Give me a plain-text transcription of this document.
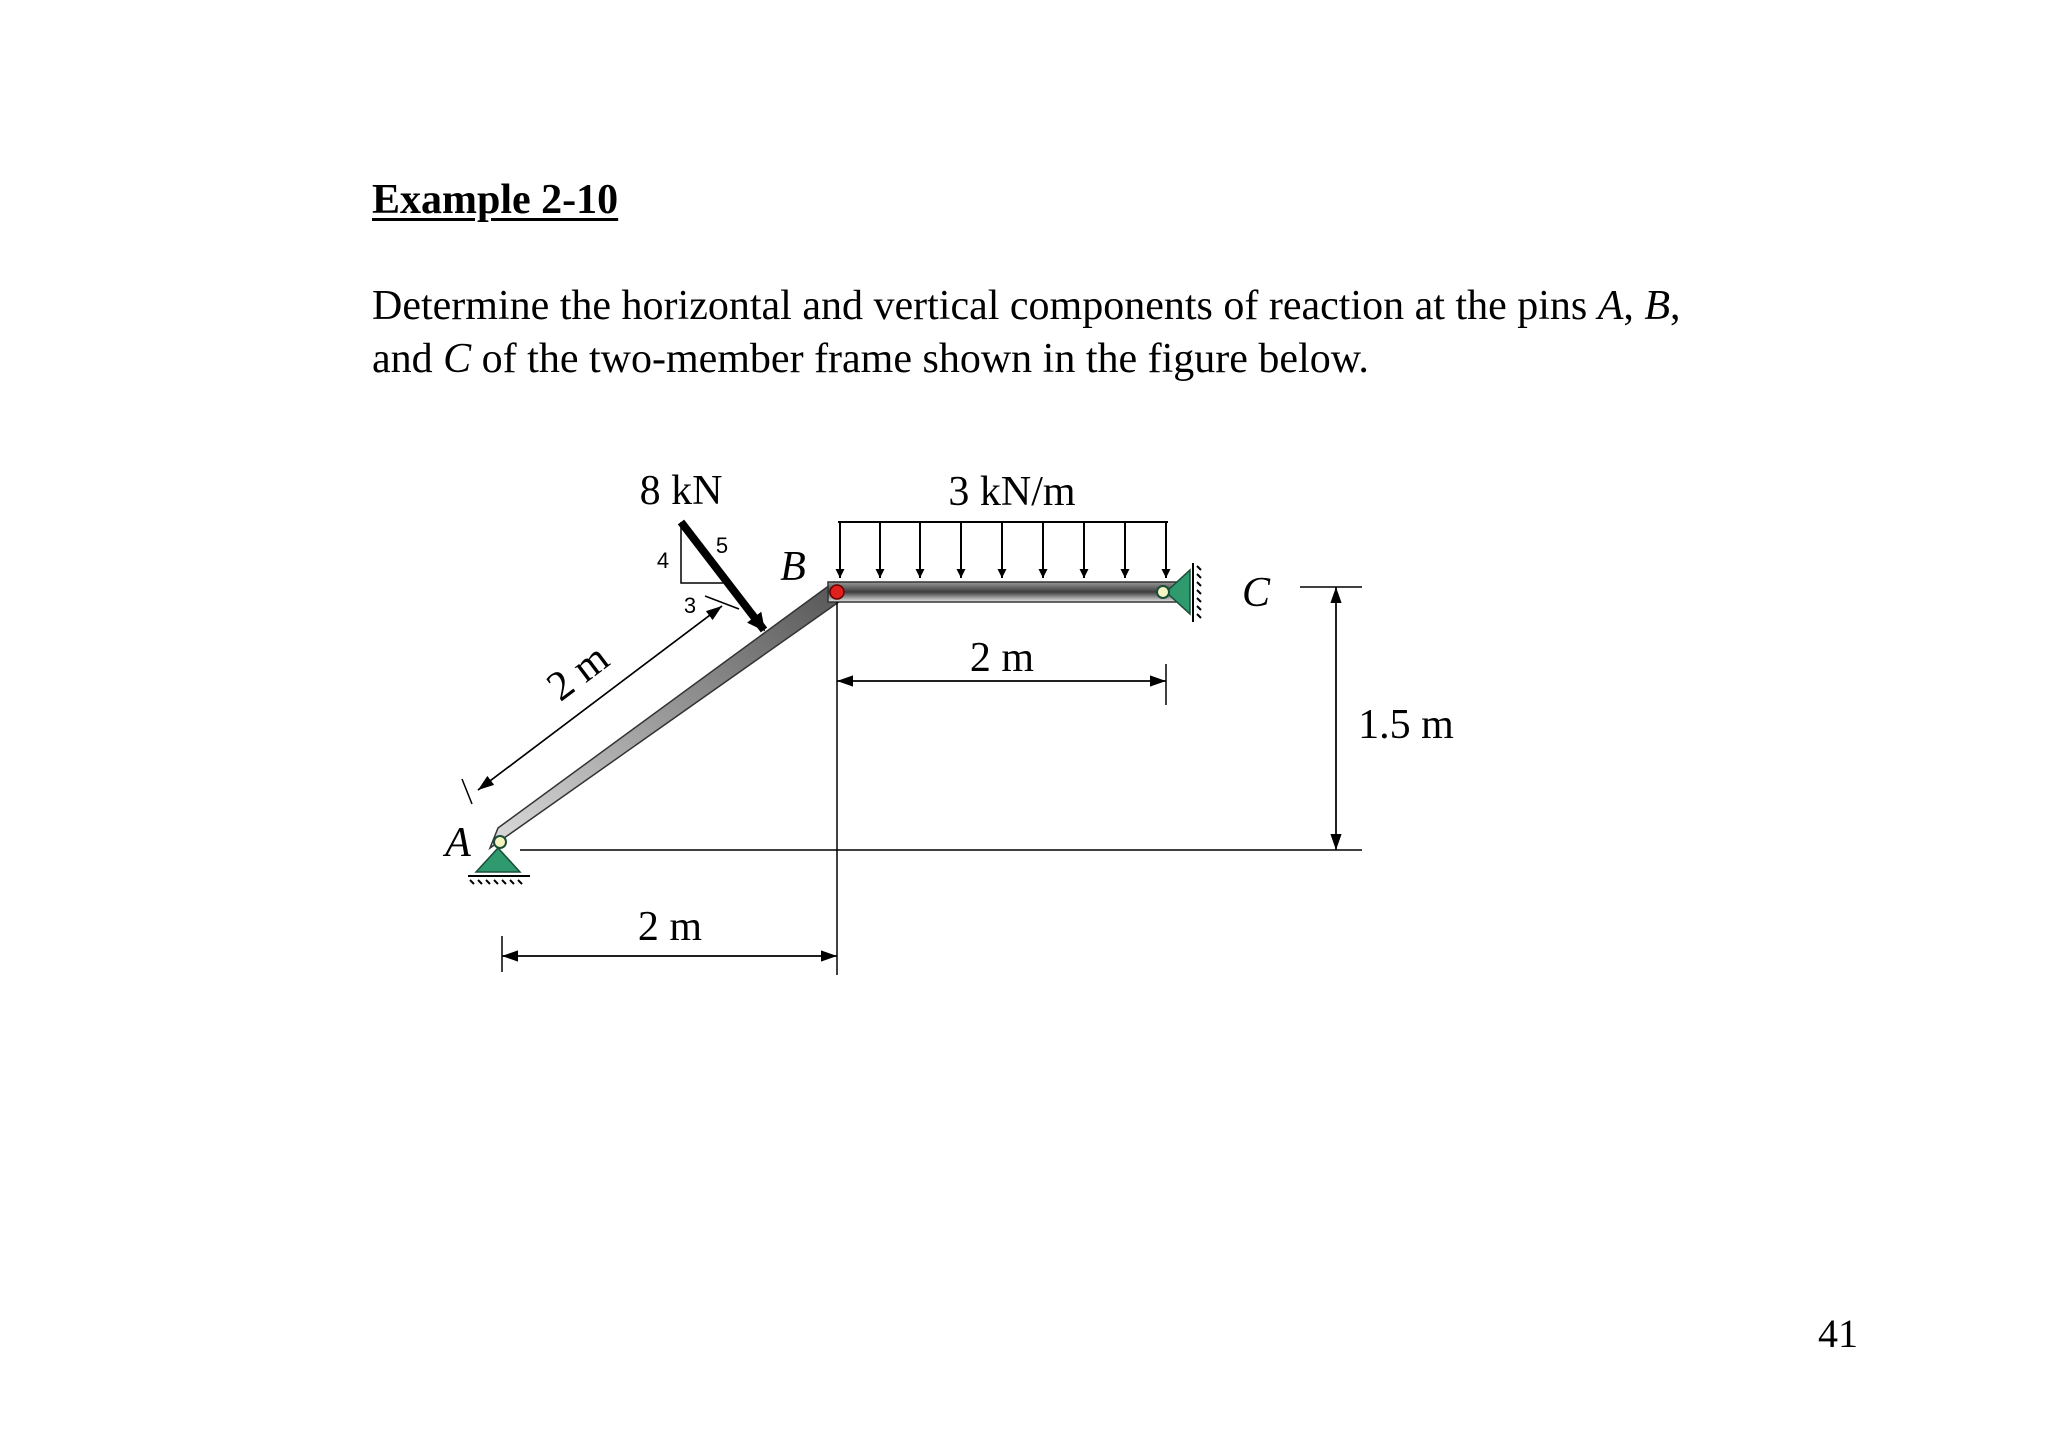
Example 2-10

Determine the horizontal and vertical components of reaction at the pins A, B,
and C of the two-member frame shown in the figure below.

3 kN/m
8 kN
4
3
5
A
B
C
2 m
2 m
2 m
1.5 m
41
